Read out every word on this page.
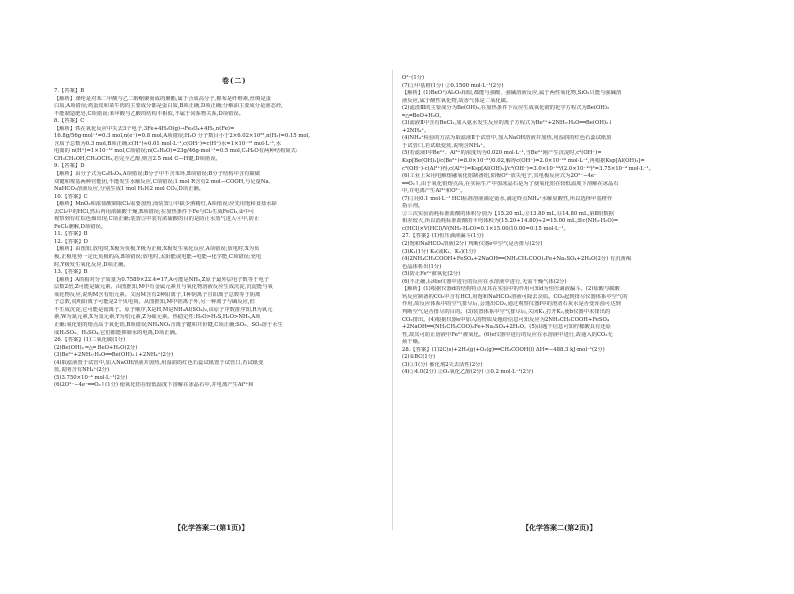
卷(二)
7.【答案】B
【解析】涤纶是对苯二甲酸与乙二醇缩聚而成的聚酯,属于合成高分子,棉布是纤维素,丝绸是蛋
白质,A项错误;鸡蛋皮和菜牛肉的主要成分都是蛋白质,B项正确,D项正确;分解油主要成分是液态烃,
不能制造肥皂,C项错误;苯甲酸与乙酸的结构不相似,不属于同系物关系,D项错误。
8.【答案】C
【解析】铁在氧化反应中失去3个电子,3Fe+4H₂O(g)→Fe₃O₄+4H₂,n(Fe)=
16.8g/56g·mol⁻¹=0.3 mol,n(e⁻)=0.8 mol,A项错误;H₂O 分子数目小于2×6.02×10²³,n(H₂)=0.15 mol,
含质子总数为0.3 mol,B项正确;c(H⁺)≈0.01 mol·L⁻¹,c(OH⁻)=c(H⁺)水=1×10⁻¹² mol·L⁻¹,水
电离的 n(H⁺)=1×10⁻¹² mol,C项错误;n(C₂H₆O)=23g/46g·mol⁻¹=0.5 mol,C₂H₆O有两种结构简式:
CH₃CH₂OH,CH₃OCH₃,若完全乙醇,则含2.5 mol C—H键,D项错误。
9.【答案】D
【解析】由分子式为C₈H₆O₄,A项错误;B分子中不含苯环,B项错误;B分子结构中含有碳碳
双键和羧基两种官能团,不能发生水解反应,C项错误;1 mol R含有2 mol—COOH,与足量Na、
NaHCO₃溶液反应,分别生成1 mol H₂和2 mol CO₂,D项正确。
10.【答案】C
【解析】MnO₂和浓盐酸制取Cl₂需要加热,而装置①中缺少酒精灯,A项错误;应先用饱和食盐水除
去Cl₂中的HCl,然后再用浓硫酸干燥,B项错误;在加热条件下Fe与Cl₂生成FeCl₃,②中可
观察到有红棕色烟出现,C项正确;装置⑤中装有浓硫酸的目的是防止水蒸气进入④中,防止
FeCl₃潮解,D项错误。
11.【答案】B
12.【答案】D
【解析】由图知,放电时,X极为负极,Y极为正极,X极发生氧化反应,A项错误;放电时,X为负
极,正极电势一定比负极的高,B项错误;放电时,太阳能或电能→电能→化学能,C项错误;充电
时,Y极发生氧化反应,D项正确。
13.【答案】B
【解析】A的相对分子质量为0.7589×22.4=17,A可能是NH₃,Z原子最外层电子数等于电子
层数2倍,Z可能是硫元素。由图推知,M中有金属元素且与氧化物溶液反应生成沉淀,沉淀能与氧
氧化物反应,说明M含有铝元素。又因M含有2种阳离子,1种阴离子且阳离子总数等于阴离
子总数,说明阳离子可能是2个负电荷。从图推知,M中铝离子外,另一种离子与碱反应,但
不生成沉淀,它可能是铵离子。原子顺序,X是H,M是NH₄Al(SO₄)₂,由原子序数排序知,R为氧元
素,W为氮元素,X为氢元素,Y为铝元素,Z为硫元素。热稳定性:H₂O>H₂S,H₂O>NH₃,A项
正确;氧化铝的熔点高于氧化铝,B项错误;NH₄NO₃含离子键和共价键,C项正确;SO₂、SO₃溶于水生
成H₂SO₃、H₂SO₄,它们都能抑制水的电离,D项正确。
26.【答案】(1)二氧化碳(1分)
(2)Be(OH)₂ ═△═ BeO+H₂O(2分)
(3)Be²⁺+2NH₃·H₂O══Be(OH)₂↓+2NH₄⁺(2分)
(4)取滤液置于试管中,加入NaOH溶液并加热,用湿润的红色石蕊试纸置于试管口,若试纸变
蓝,说明含有NH₄⁺(2分)
(5)3.750×10⁻⁴ mol·L⁻¹(2分)
(6)2O²⁻−4e⁻══O₂↑(1分) 使氧化铝在较低温度下溶解在冰晶石中,并电离产生Al³⁺和
O²⁻(1分)
(7)①甲基橙(1分) ②0.1500 mol·L⁻¹(2分)
【解析】(1)BeO与Al₂O₃相似,都能与强酸、强碱溶液反应,属于两性氧化物,SiO₂只能与强碱溶
液反应,属于酸性氧化物,故香气体是二氧化碳。
(2)滤渣Ⅲ的主要成分为Be(OH)₂,在加热条件下反应生成氧化铍的化学方程式为Be(OH)₂
═△═BeO+H₂O。
(3)滤液Ⅱ中含有BeCl₂,加入氨水发生反应的离子方程式为Be²⁺+2NH₃·H₂O══Be(OH)₂↓
+2NH₄⁺。
(4)NH₄⁺检验的方法为取滤液Ⅱ于试管中,加入NaOH溶液并加热,用湿润的红色石蕊试纸放
于试管口,若试纸变蓝,说明含NH₄⁺。
(5)若滤液Ⅰ中Be²⁺、Al³⁺的浓度均为0.020 mol·L⁻¹,当Be²⁺刚产生沉淀时,c²(OH⁻)=
Ksp[Be(OH)₂]/c(Be²⁺)=8.0×10⁻²¹/0.02,解得c(OH⁻)=2.0×10⁻¹⁰ mol·L⁻¹,再根据Ksp[Al(OH)₃]=
c³(OH⁻)·c(Al³⁺)得,c(Al³⁺)=Ksp[Al(OH)₃]/c³(OH⁻)=3.0×10⁻³⁴/(2.0×10⁻¹⁰)³=3.75×10⁻⁴ mol·L⁻¹。
(6)工业上采用电解熔融氧化铝制备铝,阳极O²⁻放失电子,其电极反应式为2O²⁻−4e⁻
══O₂↑,由于氧化铝熔点高,在实际生产中加冰晶石是为了使氧化铝在较低温度下溶解在冰晶石
中,并电离产生Al³⁺和O²⁻。
(7)①用0.1 mol·L⁻¹ HCl标准溶液滴定氨水,滴定终点NH₄⁺水解显酸性,所以选择甲基橙作
指示剂。
②三次实验消耗标准盐酸的体积分别为【15.20 mL,⑫13.80 mL,⑬14.80 mL,第Ⅱ组数据
相差较大,所以消耗标准盐酸的平均体积为(15.20+14.80)÷2=15.00 mL,即c(NH₃·H₂O)=
c(HCl)×V(HCl)/V(NH₃·H₂O)=0.1×15.00/10.00=0.15 mol·L⁻¹。
27.【答案】(1)恒压滴液漏斗(1分)
(2)饱和NaHCO₃溶液(2分) 判断仪器e中空气是否排尽(2分)
(3)K₁(1分) K₃(或K₁、K₂)(1分)
(4)2NH₄CH₂COOH+FeSO₄+2NaOH══(NH₂CH₂COO)₂Fe+Na₂SO₄+2H₂O(2分) 有沉黄褐
色晶体析出(1分)
(5)防止Fe²⁺被氧化(2分)
(6)不正确,后续e仪器中进行的反应在水溶液中进行,无需干燥气体(2分)
【解析】(1)根据仪器d的结构特点及其在实验中的作用可知d为恒压滴液漏斗。(2)盐酸与碳酸
钙反应制备的CO₂中含有HCl,用饱和NaHCO₃溶液可除去杂质。CO₂起到排尽仪器体系中空气的
作用,故反应体系中的空气排尽后,会逸出CO₂,通过观察仪器f中的澄清石灰水是否变浑浊可达到
判断空气是否排尽的目的。(3)装置体系中空气排尽后,关闭K₁,打开K₂,使b仪器中未排出的
CO₂排出。(4)根据仪器e中加入的物质及题给信息可知反应为2NH₂CH₂COOH+FeSO₄
+2NaOH══(NH₂CH₂COO)₂Fe+Na₂SO₄+2H₂O。(5)由题干信息可知柠檬酸具有还原
性,故其可防止溶液中Fe²⁺被氧化。(6)e仪器中进行的反应在水溶液中进行,故通入的CO₂无
须干燥。
28.【答案】(1)2C(s)+2H₂(g)+O₂(g)══CH₃COOH(l) ΔH=−488.3 kJ·mol⁻¹(2分)
(2)①BC(1分)
(3)①1(分) 催化剂2失去活性(2分)
(4)①4.0(2分) ②O₂氧化乙醇(2分) ③0.2 mol·L⁻¹(2分)
【化学答案二(第1页)】	【化学答案二(第2页)】
